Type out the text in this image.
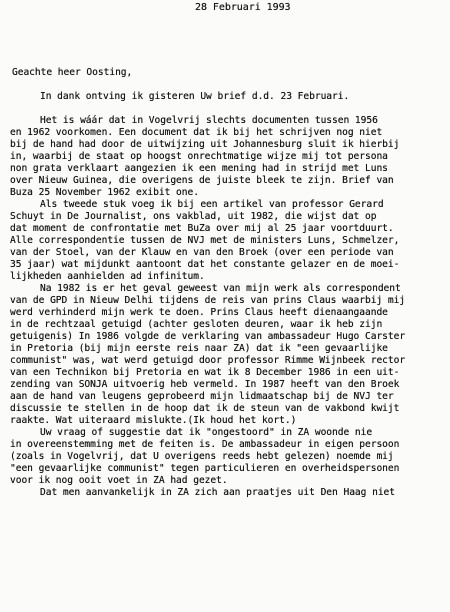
28 Februari 1993
Geachte heer Oosting,
In dank ontving ik gisteren Uw brief d.d. 23 Februari.
Het is wáár dat in Vogelvrij slechts documenten tussen 1956
en 1962 voorkomen. Een document dat ik bij het schrijven nog niet
bij de hand had door de uitwijzing uit Johannesburg sluit ik hierbij
in, waarbij de staat op hoogst onrechtmatige wijze mij tot persona
non grata verklaart aangezien ik een mening had in strijd met Luns
over Nieuw Guinea, die overigens de juiste bleek te zijn. Brief van
Buza 25 November 1962 exibit one.
Als tweede stuk voeg ik bij een artikel van professor Gerard
Schuyt in De Journalist, ons vakblad, uit 1982, die wijst dat op
dat moment de confrontatie met BuZa over mij al 25 jaar voortduurt.
Alle correspondentie tussen de NVJ met de ministers Luns, Schmelzer,
van der Stoel, van der Klauw en van den Broek (over een periode van
35 jaar) wat mijdunkt aantoont dat het constante gelazer en de moei-
lijkheden aanhielden ad infinitum.
Na 1982 is er het geval geweest van mijn werk als correspondent
van de GPD in Nieuw Delhi tijdens de reis van prins Claus waarbij mij
werd verhinderd mijn werk te doen. Prins Claus heeft dienaangaande
in de rechtzaal getuigd (achter gesloten deuren, waar ik heb zijn
getuigenis) In 1986 volgde de verklaring van ambassadeur Hugo Carster
in Pretoria (bij mijn eerste reis naar ZA) dat ik "een gevaarlijke
communist" was, wat werd getuigd door professor Rimme Wijnbeek rector
van een Technikon bij Pretoria en wat ik 8 December 1986 in een uit-
zending van SONJA uitvoerig heb vermeld. In 1987 heeft van den Broek
aan de hand van leugens geprobeerd mijn lidmaatschap bij de NVJ ter
discussie te stellen in de hoop dat ik de steun van de vakbond kwijt
raakte. Wat uiteraard mislukte.(Ik houd het kort.)
Uw vraag of suggestie dat ik "ongestoord" in ZA woonde nie
in overeenstemming met de feiten is. De ambassadeur in eigen persoon
(zoals in Vogelvrij, dat U overigens reeds hebt gelezen) noemde mij
"een gevaarlijke communist" tegen particulieren en overheidspersonen
voor ik nog ooit voet in ZA had gezet.
Dat men aanvankelijk in ZA zich aan praatjes uit Den Haag niet
